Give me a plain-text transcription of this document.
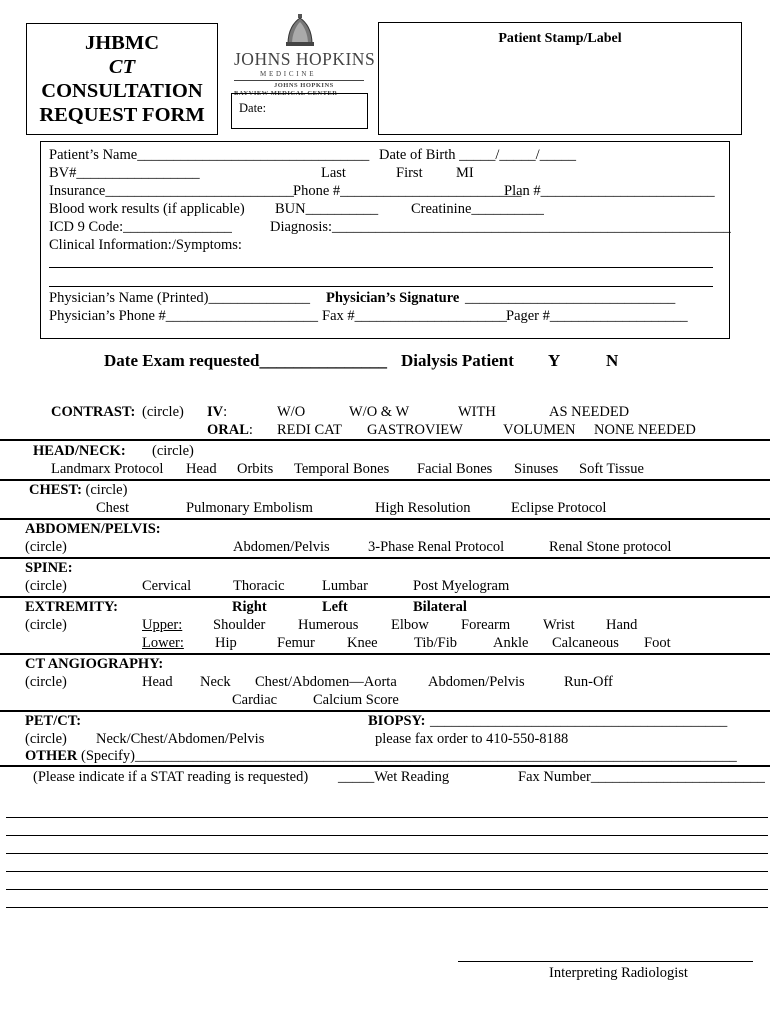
JHBMC
CT
CONSULTATION
REQUEST FORM
JOHNS HOPKINS
M E D I C I N E
JOHNS HOPKINS
BAYVIEW MEDICAL CENTER
Date:
Patient Stamp/Label
Patient’s Name________________________________ Date of Birth _____/_____/_____
BV#_________________	Last	First MI
Insurance__________________________ Phone #_________________________
Plan #________________________
Blood work results (if applicable) BUN__________ Creatinine__________
ICD 9 Code:_______________	Diagnosis:_______________________________________________________
Clinical Information:/Symptoms:
Physician’s Name (Printed)______________ Physician’s Signature _____________________________
Physician’s Phone #_____________________ Fax #_____________________ Pager #___________________
Date Exam requested_______________ Dialysis Patient Y	N
CONTRAST: (circle) IV:	W/O	W/O & W	WITH	AS NEEDED
ORAL: REDI CAT GASTROVIEW	VOLUMEN NONE NEEDED
HEAD/NECK: (circle)
Landmarx Protocol Head Orbits Temporal Bones Facial Bones Sinuses Soft Tissue
CHEST: (circle)
Chest	Pulmonary Embolism	High Resolution	Eclipse Protocol
ABDOMEN/PELVIS:
(circle)	Abdomen/Pelvis	3-Phase Renal Protocol	Renal Stone protocol
SPINE:
(circle)	Cervical	Thoracic	Lumbar	Post Myelogram
EXTREMITY:	Right	Left	Bilateral
(circle)	Upper: Shoulder Humerous Elbow Forearm Wrist Hand
Lower: Hip	Femur Knee	Tib/Fib Ankle Calcaneous Foot
CT ANGIOGRAPHY:
(circle)	Head Neck Chest/Abdomen—Aorta Abdomen/Pelvis	Run-Off
Cardiac Calcium Score
PET/CT:	BIOPSY: _________________________________________
(circle) Neck/Chest/Abdomen/Pelvis	please fax order to 410-550-8188
OTHER (Specify)___________________________________________________________________________________
(Please indicate if a STAT reading is requested) _____Wet Reading	Fax Number________________________
Interpreting Radiologist
